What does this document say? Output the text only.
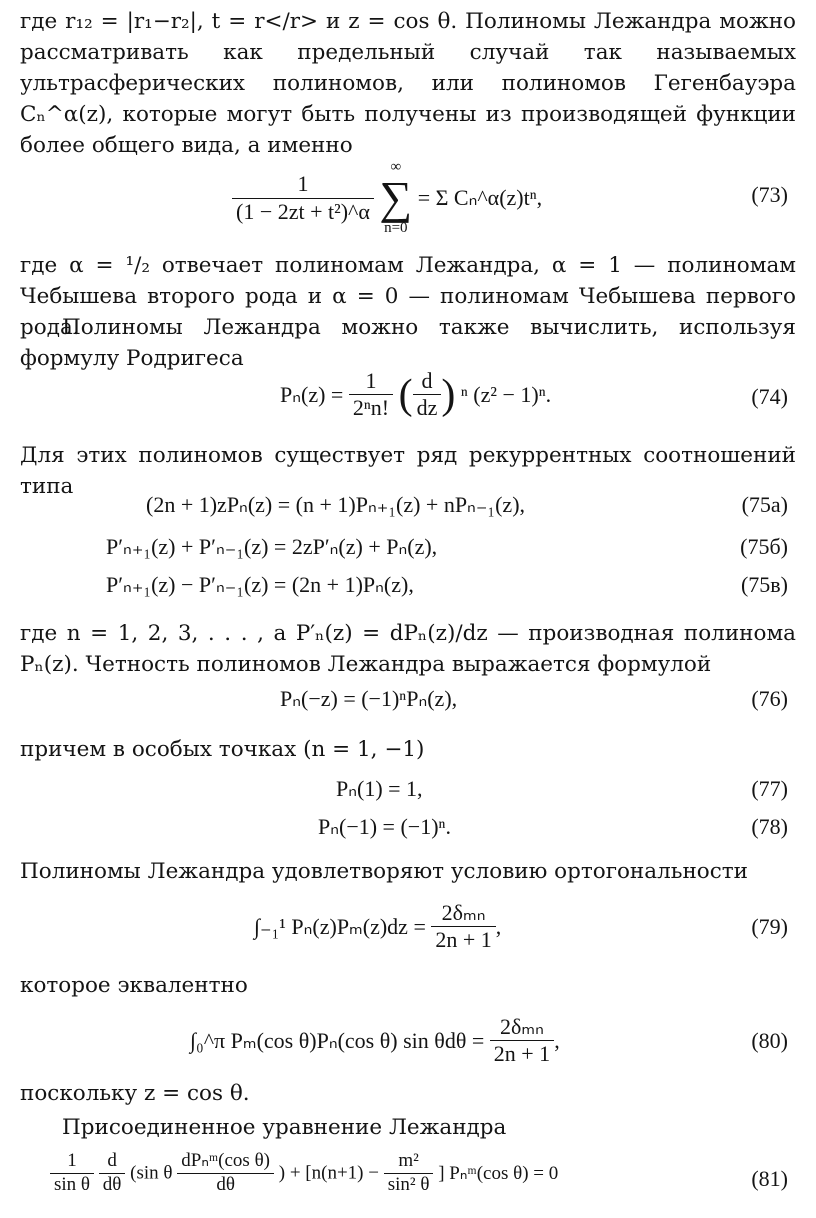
где r₁₂ = |r₁−r₂|, t = r</r> и z = cos θ. Полиномы Лежандра можно рассматривать как предельный случай так называемых ультрасферических полиномов, или полиномов Гегенбауэра Cₙ^α(z), которые могут быть получены из производящей функции более общего вида, а именно

$\frac{1}{\text{(1 − 2zt + t²)\textasciicircum{}α}}$

∞
∑
n=0
= Σ Cₙ^α(z)tⁿ,	(73)

где α = ¹/₂ отвечает полиномам Лежандра, α = 1 — полиномам Чебышева второго рода и α = 0 — полиномам Чебышева первого рода.

Полиномы Лежандра можно также вычислить, используя формулу Родригеса

$P_n(z) = \frac{1}{\text{2ⁿn!}}$ ( $\frac{d}{dz}$ ) ⁿ (z² − 1)ⁿ.	(74)

Для этих полиномов существует ряд рекуррентных соотношений типа

(2n + 1)zPₙ(z) = (n + 1)Pₙ₊₁(z) + nPₙ₋₁(z),	(75а)
P′ₙ₊₁(z) + P′ₙ₋₁(z) = 2zP′ₙ(z) + Pₙ(z),	(75б)
P′ₙ₊₁(z) − P′ₙ₋₁(z) = (2n + 1)Pₙ(z),	(75в)

где n = 1, 2, 3, . . . , а P′ₙ(z) = dPₙ(z)/dz — производная полинома Pₙ(z). Четность полиномов Лежандра выражается формулой

Pₙ(−z) = (−1)ⁿPₙ(z),	(76)

причем в особых точках (n = 1, −1)

Pₙ(1) = 1,	(77)
Pₙ(−1) = (−1)ⁿ.	(78)

Полиномы Лежандра удовлетворяют условию ортогональности

∫₋₁¹ $P_n(z)P_m(z)dz = \frac{\text{2δₘₙ}}{2n + 1}$ ,	(79)

которое эквалентно

∫₀^π Pₘ(cos θ)Pₙ(cos θ) $\sin \theta d\theta = \frac{\text{2δₘₙ}}{2n + 1}$ ,	(80)

поскольку z = cos θ.

Присоединенное уравнение Лежандра

$\frac{1}{\text{sin θ}}$
$\frac{d}{d\theta} (\sin$ θ $\frac{\text{dPₙᵐ(cos θ)}}{d\theta}$ ) + [$n(n+1) - \frac{\text{m²}}{\text{sin² θ}}$ ] Pₙᵐ(cos θ) = 0	(81)
